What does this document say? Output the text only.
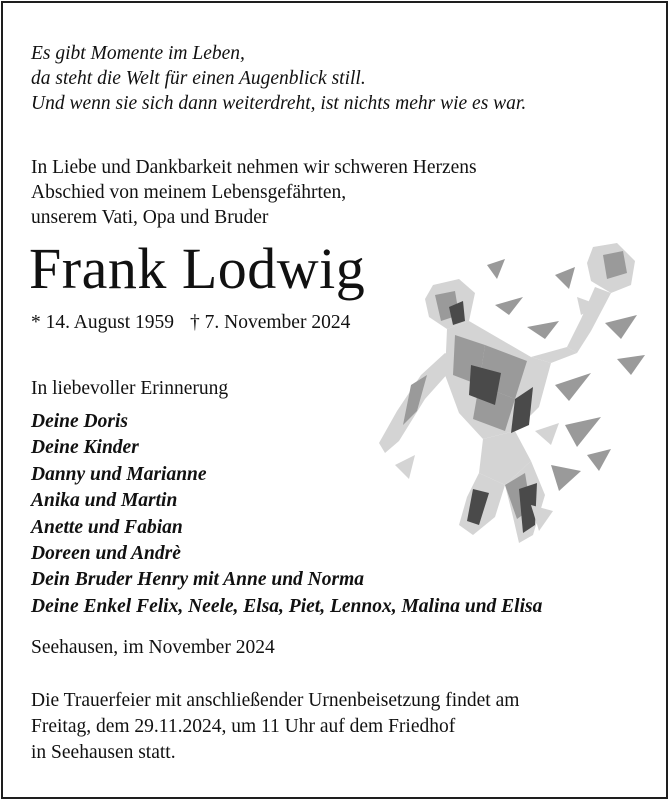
Es gibt Momente im Leben,
da steht die Welt für einen Augenblick still.
Und wenn sie sich dann weiterdreht, ist nichts mehr wie es war.
In Liebe und Dankbarkeit nehmen wir schweren Herzens
Abschied von meinem Lebensgefährten,
unserem Vati, Opa und Bruder
Frank Lodwig
* 14. August 1959 † 7. November 2024
In liebevoller Erinnerung
Deine Doris
Deine Kinder
Danny und Marianne
Anika und Martin
Anette und Fabian
Doreen und Andrè
Dein Bruder Henry mit Anne und Norma
Deine Enkel Felix, Neele, Elsa, Piet, Lennox, Malina und Elisa
Seehausen, im November 2024
Die Trauerfeier mit anschließender Urnenbeisetzung findet am
Freitag, dem 29.11.2024, um 11 Uhr auf dem Friedhof
in Seehausen statt.
